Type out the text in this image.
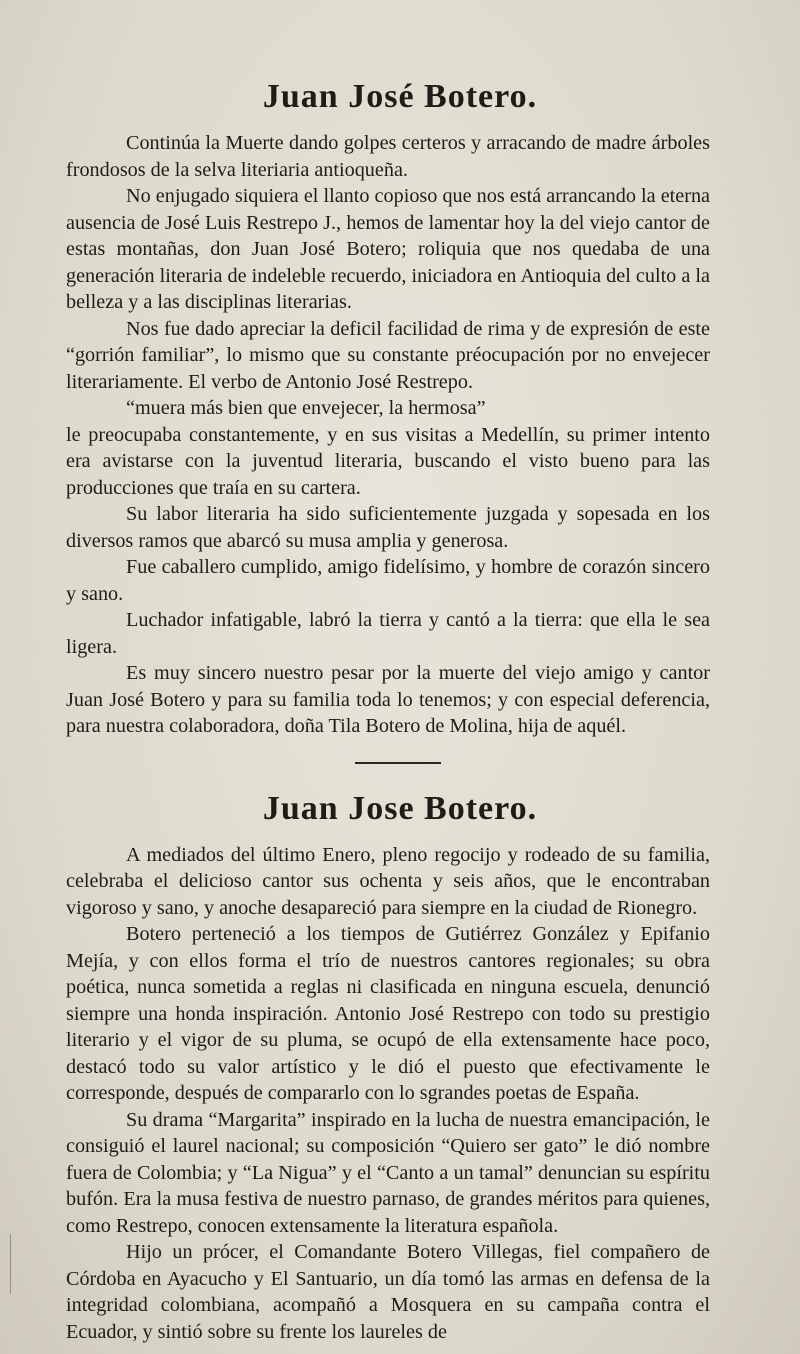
Juan José Botero.

Continúa la Muerte dando golpes certeros y arracando de madre árboles frondosos de la selva literiaria antioqueña.

No enjugado siquiera el llanto copioso que nos está arrancando la eterna ausencia de José Luis Restrepo J., hemos de lamentar hoy la del viejo cantor de estas montañas, don Juan José Botero; roliquia que nos quedaba de una generación literaria de indeleble recuerdo, iniciadora en Antioquia del culto a la belleza y a las disciplinas literarias.

Nos fue dado apreciar la deficil facilidad de rima y de expresión de este “gorrión familiar”, lo mismo que su constante préocupación por no envejecer literariamente. El verbo de Antonio José Restrepo.

“muera más bien que envejecer, la hermosa”

le preocupaba constantemente, y en sus visitas a Medellín, su primer intento era avistarse con la juventud literaria, buscando el visto bueno para las producciones que traía en su cartera.

Su labor literaria ha sido suficientemente juzgada y sopesada en los diversos ramos que abarcó su musa amplia y generosa.

Fue caballero cumplido, amigo fidelísimo, y hombre de corazón sincero y sano.

Luchador infatigable, labró la tierra y cantó a la tierra: que ella le sea ligera.

Es muy sincero nuestro pesar por la muerte del viejo amigo y cantor Juan José Botero y para su familia toda lo tenemos; y con especial deferencia, para nuestra colaboradora, doña Tila Botero de Molina, hija de aquél.

Juan Jose Botero.

A mediados del último Enero, pleno regocijo y rodeado de su familia, celebraba el delicioso cantor sus ochenta y seis años, que le encontraban vigoroso y sano, y anoche desapareció para siempre en la ciudad de Rionegro.

Botero perteneció a los tiempos de Gutiérrez González y Epifanio Mejía, y con ellos forma el trío de nuestros cantores regionales; su obra poética, nunca sometida a reglas ni clasificada en ninguna escuela, denunció siempre una honda inspiración. Antonio José Restrepo con todo su prestigio literario y el vigor de su pluma, se ocupó de ella extensamente hace poco, destacó todo su valor artístico y le dió el puesto que efectivamente le corresponde, después de compararlo con lo sgrandes poetas de España.

Su drama “Margarita” inspirado en la lucha de nuestra emancipación, le consiguió el laurel nacional; su composición “Quiero ser gato” le dió nombre fuera de Colombia; y “La Nigua” y el “Canto a un tamal” denuncian su espíritu bufón. Era la musa festiva de nuestro parnaso, de grandes méritos para quienes, como Restrepo, conocen extensamente la literatura española.

Hijo un prócer, el Comandante Botero Villegas, fiel compañero de Córdoba en Ayacucho y El Santuario, un día tomó las armas en defensa de la integridad colombiana, acompañó a Mosquera en su campaña contra el Ecuador, y sintió sobre su frente los laureles de
